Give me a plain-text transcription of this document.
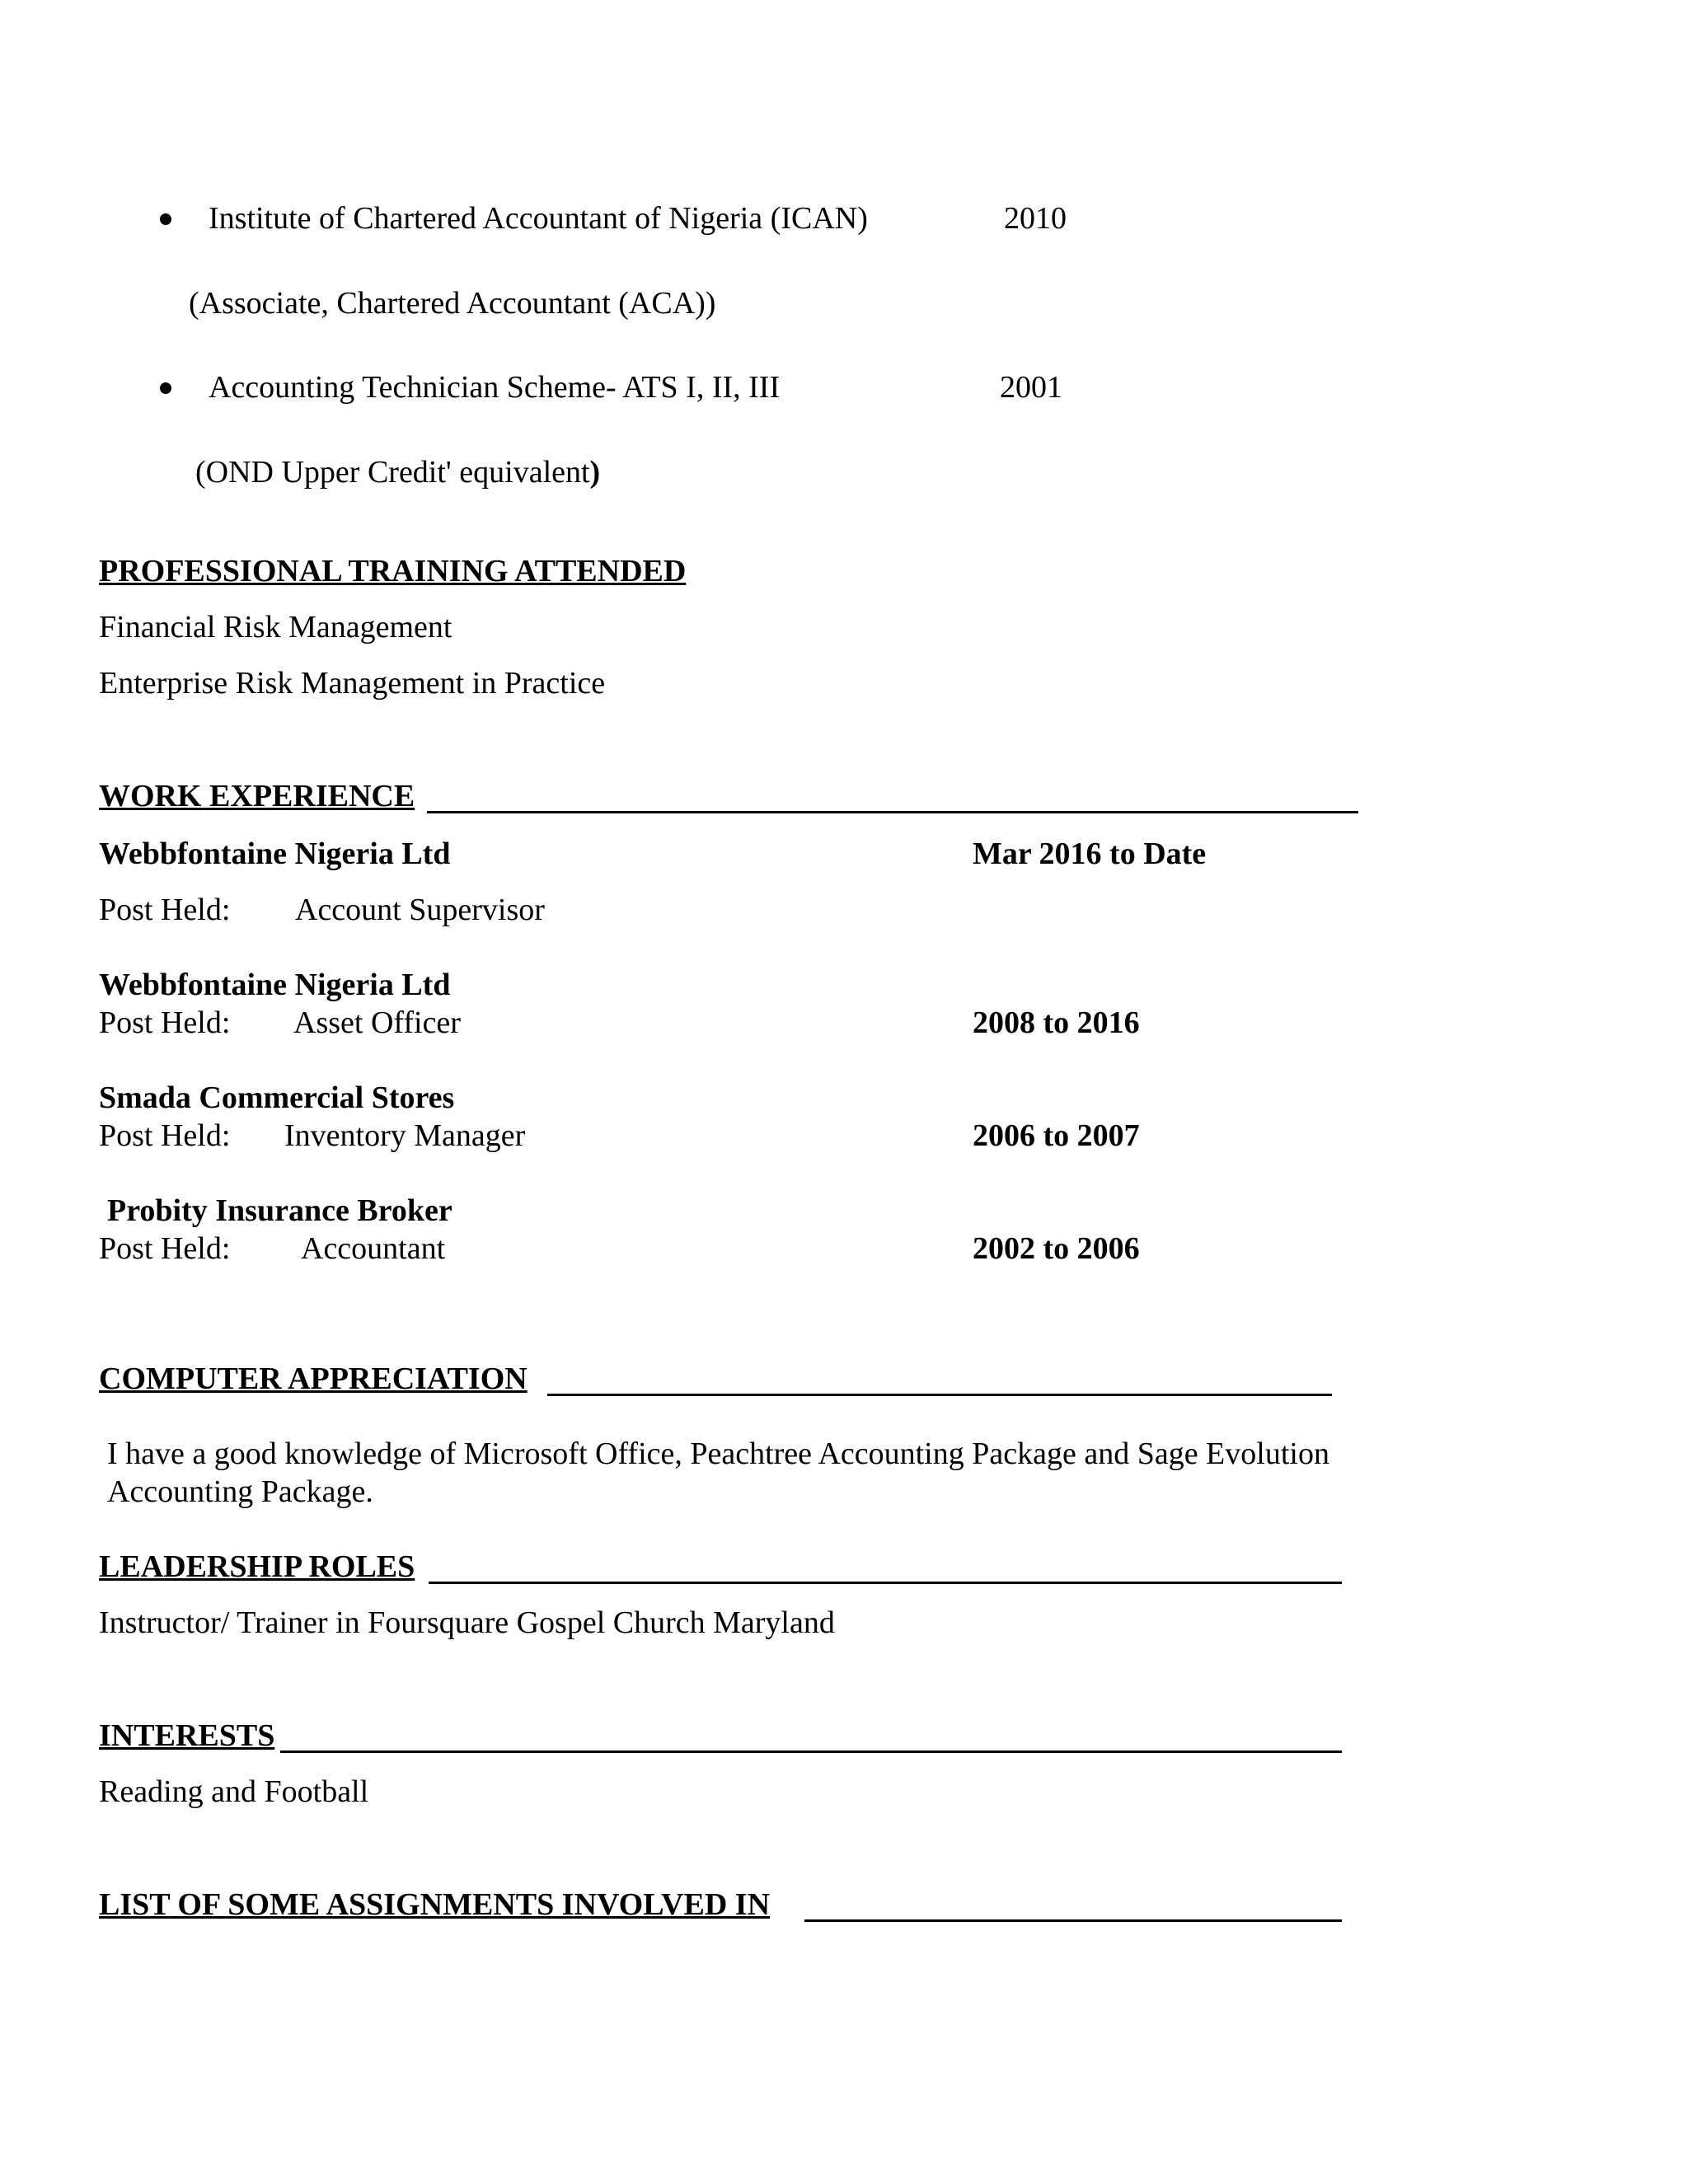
Institute of Chartered Accountant of Nigeria (ICAN)	2010
(Associate, Chartered Accountant (ACA))
Accounting Technician Scheme- ATS I, II, III	2001
(OND Upper Credit' equivalent)
PROFESSIONAL TRAINING ATTENDED
Financial Risk Management
Enterprise Risk Management in Practice
WORK EXPERIENCE
Webbfontaine Nigeria Ltd	Mar 2016 to Date
Post Held: Account Supervisor
Webbfontaine Nigeria Ltd
Post Held: Asset Officer	2008 to 2016
Smada Commercial Stores
Post Held: Inventory Manager	2006 to 2007
Probity Insurance Broker
Post Held: Accountant	2002 to 2006
COMPUTER APPRECIATION
I have a good knowledge of Microsoft Office, Peachtree Accounting Package and Sage Evolution
Accounting Package.
LEADERSHIP ROLES
Instructor/ Trainer in Foursquare Gospel Church Maryland
INTERESTS
Reading and Football
LIST OF SOME ASSIGNMENTS INVOLVED IN
